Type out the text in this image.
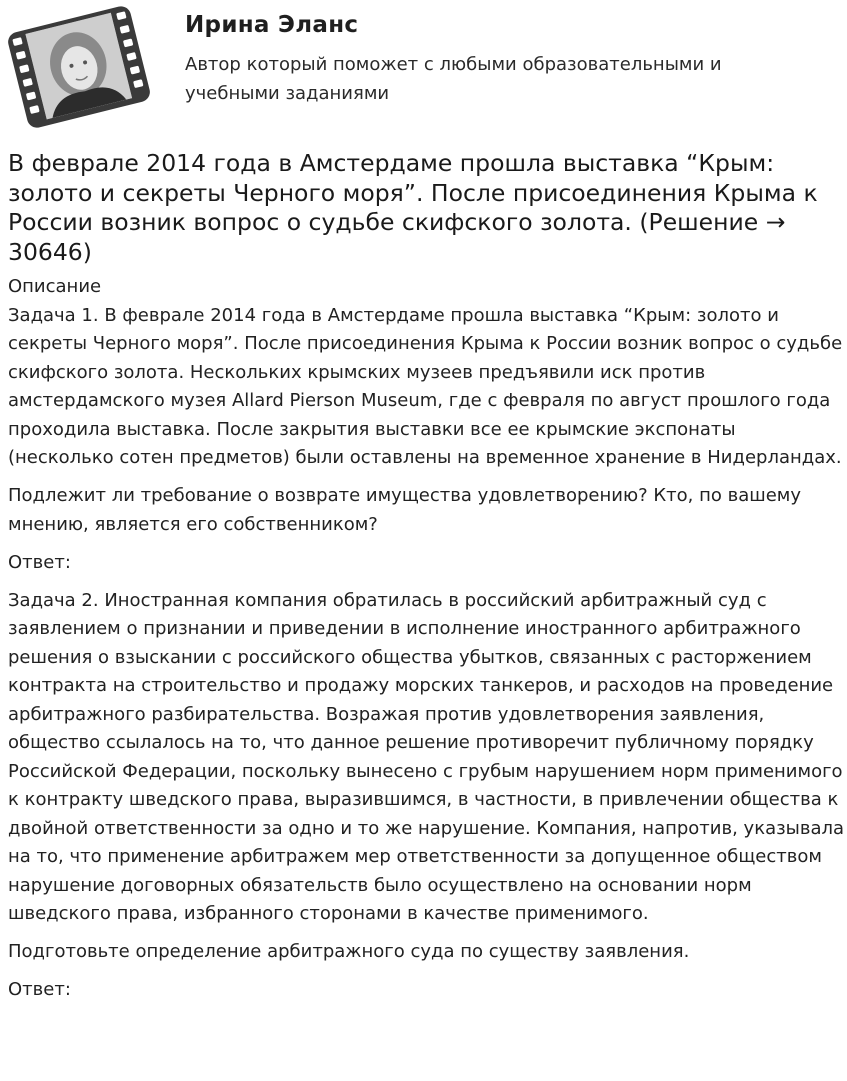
Ирина Эланс
Автор который поможет с любыми образовательными и учебными заданиями
В феврале 2014 года в Амстердаме прошла выставка “Крым: золото и секреты Черного моря”. После присоединения Крыма к России возник вопрос о судьбе скифского золота. (Решение → 30646)

Описание

Задача 1. В феврале 2014 года в Амстердаме прошла выставка “Крым: золото и секреты Черного моря”. После присоединения Крыма к России возник вопрос о судьбе скифского золота. Нескольких крымских музеев предъявили иск против амстердамского музея Allard Pierson Museum, где с февраля по август прошлого года проходила выставка. После закрытия выставки все ее крымские экспонаты (несколько сотен предметов) были оставлены на временное хранение в Нидерландах.

Подлежит ли требование о возврате имущества удовлетворению? Кто, по вашему мнению, является его собственником?

Ответ:

Задача 2. Иностранная компания обратилась в российский арбитражный суд с заявлением о признании и приведении в исполнение иностранного арбитражного решения о взыскании с российского общества убытков, связанных с расторжением контракта на строительство и продажу морских танкеров, и расходов на проведение арбитражного разбирательства. Возражая против удовлетворения заявления, общество ссылалось на то, что данное решение противоречит публичному порядку Российской Федерации, поскольку вынесено с грубым нарушением норм применимого к контракту шведского права, выразившимся, в частности, в привлечении общества к двойной ответственности за одно и то же нарушение. Компания, напротив, указывала на то, что применение арбитражем мер ответственности за допущенное обществом нарушение договорных обязательств было осуществлено на основании норм шведского права, избранного сторонами в качестве применимого.

Подготовьте определение арбитражного суда по существу заявления.

Ответ:
